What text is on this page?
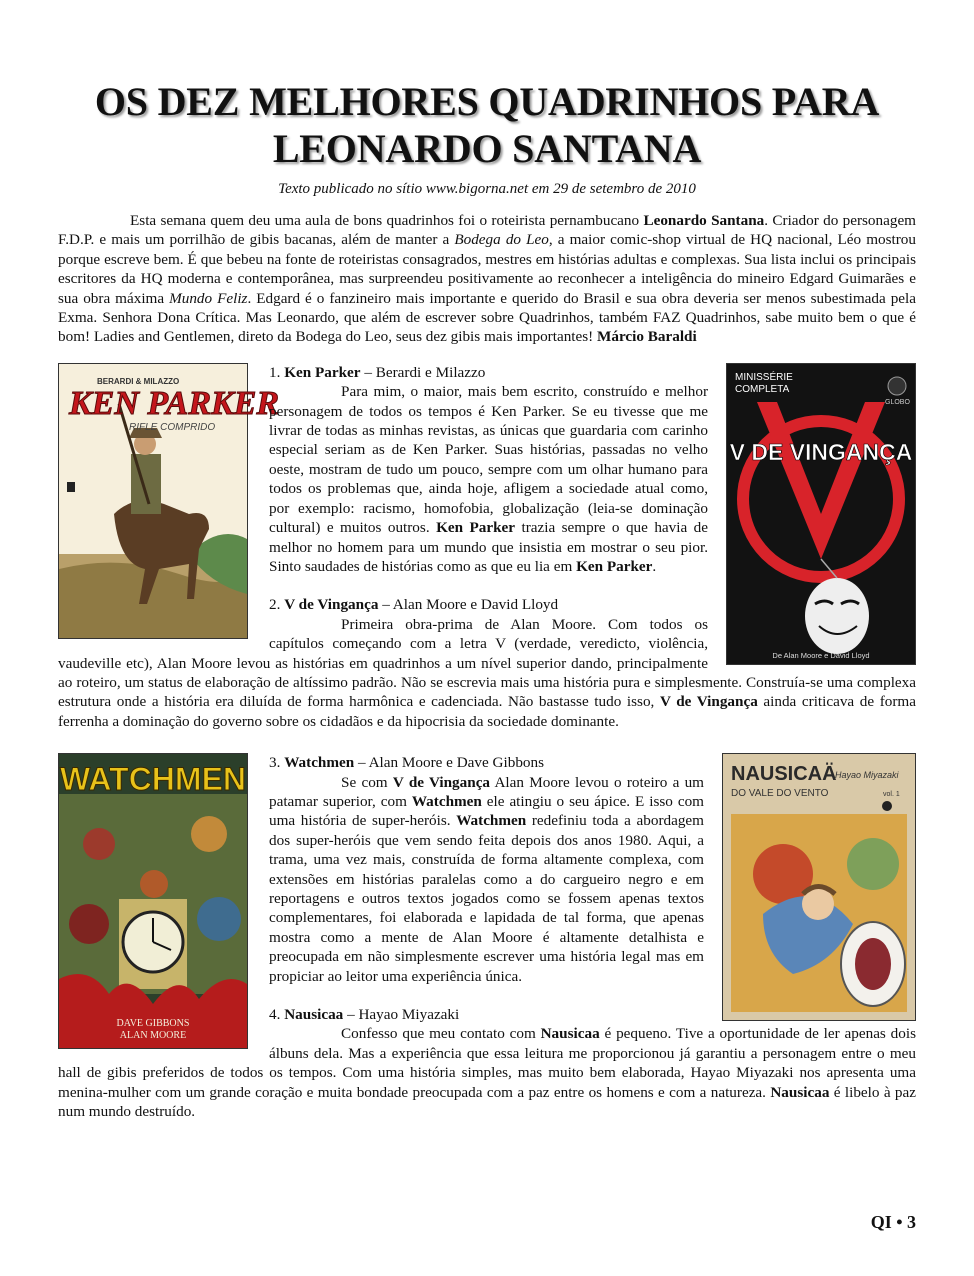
OS DEZ MELHORES QUADRINHOS PARA
LEONARDO SANTANA
Texto publicado no sítio www.bigorna.net em 29 de setembro de 2010

Esta semana quem deu uma aula de bons quadrinhos foi o roteirista pernambucano Leonardo Santana. Criador do personagem F.D.P. e mais um porrilhão de gibis bacanas, além de manter a Bodega do Leo, a maior comic-shop virtual de HQ nacional, Léo mostrou porque escreve bem. É que bebeu na fonte de roteiristas consagrados, mestres em histórias adultas e complexas. Sua lista inclui os principais escritores da HQ moderna e contemporânea, mas surpreendeu positivamente ao reconhecer a inteligência do mineiro Edgard Guimarães e sua obra máxima Mundo Feliz. Edgard é o fanzineiro mais importante e querido do Brasil e sua obra deveria ser menos subestimada pela Exma. Senhora Dona Crítica. Mas Leonardo, que além de escrever sobre Quadrinhos, também FAZ Quadrinhos, sabe muito bem o que é bom! Ladies and Gentlemen, direto da Bodega do Leo, seus dez gibis mais importantes! Márcio Baraldi

BERARDI & MILAZZO
KEN PARKER
RIFLE COMPRIDO
MINISSÉRIE
COMPLETA
GLOBO
V DE VINGANÇA
De Alan Moore e David Lloyd

1. Ken Parker – Berardi e Milazzo

Para mim, o maior, mais bem escrito, construído e melhor personagem de todos os tempos é Ken Parker. Se eu tivesse que me livrar de todas as minhas revistas, as únicas que guardaria com carinho especial seriam as de Ken Parker. Suas histórias, passadas no velho oeste, mostram de tudo um pouco, sempre com um olhar humano para todos os problemas que, ainda hoje, afligem a sociedade atual como, por exemplo: racismo, homofobia, globalização (leia-se dominação cultural) e muitos outros. Ken Parker trazia sempre o que havia de melhor no homem para um mundo que insistia em mostrar o seu pior. Sinto saudades de histórias como as que eu lia em Ken Parker.

2. V de Vingança – Alan Moore e David Lloyd

Primeira obra-prima de Alan Moore. Com todos os capítulos começando com a letra V (verdade, veredicto, violência, vaudeville etc), Alan Moore levou as histórias em quadrinhos a um nível superior dando, principalmente ao roteiro, um status de elaboração de altíssimo padrão. Não se escrevia mais uma história pura e simplesmente. Construía-se uma complexa estrutura onde a história era diluída de forma harmônica e cadenciada. Não bastasse tudo isso, V de Vingança ainda criticava de forma ferrenha a dominação do governo sobre os cidadãos e da hipocrisia da sociedade dominante.

WATCHMEN
DAVE GIBBONS
ALAN MOORE
NAUSICAÄ
Hayao Miyazaki
DO VALE DO VENTO	vol. 1

3. Watchmen – Alan Moore e Dave Gibbons

Se com V de Vingança Alan Moore levou o roteiro a um patamar superior, com Watchmen ele atingiu o seu ápice. E isso com uma história de super-heróis. Watchmen redefiniu toda a abordagem dos super-heróis que vem sendo feita depois dos anos 1980. Aqui, a trama, uma vez mais, construída de forma altamente complexa, com extensões em histórias paralelas como a do cargueiro negro e em reportagens e outros textos jogados como se fossem apenas textos complementares, foi elaborada e lapidada de tal forma, que apenas mostra como a mente de Alan Moore é altamente detalhista e preocupada em não simplesmente escrever uma história legal mas em propiciar ao leitor uma experiência única.

4. Nausicaa – Hayao Miyazaki

Confesso que meu contato com Nausicaa é pequeno. Tive a oportunidade de ler apenas dois álbuns dela. Mas a experiência que essa leitura me proporcionou já garantiu a personagem entre o meu hall de gibis preferidos de todos os tempos. Com uma história simples, mas muito bem elaborada, Hayao Miyazaki nos apresenta uma menina-mulher com um grande coração e muita bondade preocupada com a paz entre os homens e com a natureza. Nausicaa é libelo à paz num mundo destruído.

QI • 3
